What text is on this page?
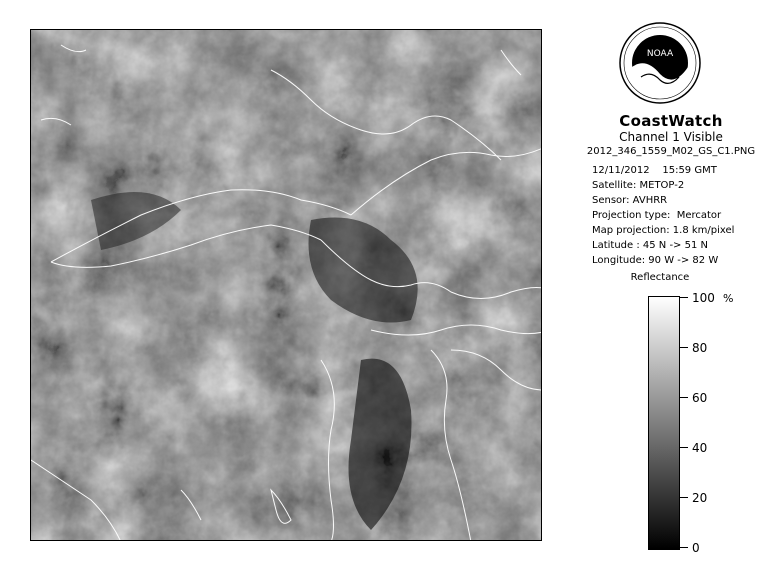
NOAA
CoastWatch
Channel 1 Visible
2012_346_1559_M02_GS_C1.PNG
12/11/2012    15:59 GMT
Satellite: METOP-2
Sensor: AVHRR
Projection type:  Mercator
Map projection: 1.8 km/pixel
Latitude : 45 N -> 51 N
Longitude: 90 W -> 82 W
Reflectance
%
100
80
60
40
20
0
